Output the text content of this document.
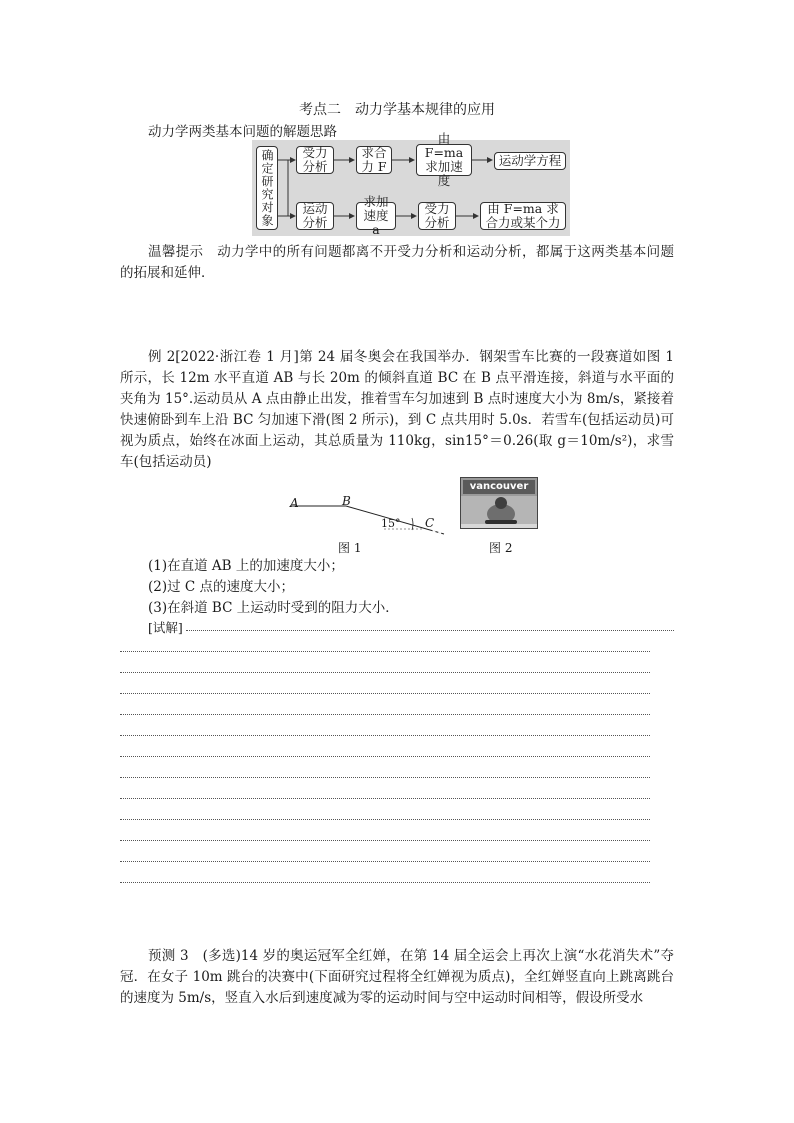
考点二　动力学基本规律的应用
动力学两类基本问题的解题思路
确定研究对象	受力分析
求合力 F
由 F=ma 求加速度
运动学方程
运动分析
求加速度 a
受力分析
由 F=ma 求合力或某个力
温馨提示　动力学中的所有问题都离不开受力分析和运动分析，都属于这两类基本问题的拓展和延伸．
例 2[2022·浙江卷 1 月]第 24 届冬奥会在我国举办．钢架雪车比赛的一段赛道如图 1 所示，长 12m 水平直道 AB 与长 20m 的倾斜直道 BC 在 B 点平滑连接，斜道与水平面的夹角为 15°.运动员从 A 点由静止出发，推着雪车匀加速到 B 点时速度大小为 8m/s，紧接着快速俯卧到车上沿 BC 匀加速下滑(图 2 所示)，到 C 点共用时 5.0s．若雪车(包括运动员)可视为质点，始终在冰面上运动，其总质量为 110kg，sin15°＝0.26(取 g＝10m/s²)，求雪车(包括运动员)
A	B
C
15°
图 1
vancouver
图 2
(1)在直道 AB 上的加速度大小；
(2)过 C 点的速度大小；
(3)在斜道 BC 上运动时受到的阻力大小．
[试解]
预测 3　(多选)14 岁的奥运冠军全红婵，在第 14 届全运会上再次上演“水花消失术”夺冠．在女子 10m 跳台的决赛中(下面研究过程将全红婵视为质点)，全红婵竖直向上跳离跳台的速度为 5m/s，竖直入水后到速度减为零的运动时间与空中运动时间相等，假设所受水
